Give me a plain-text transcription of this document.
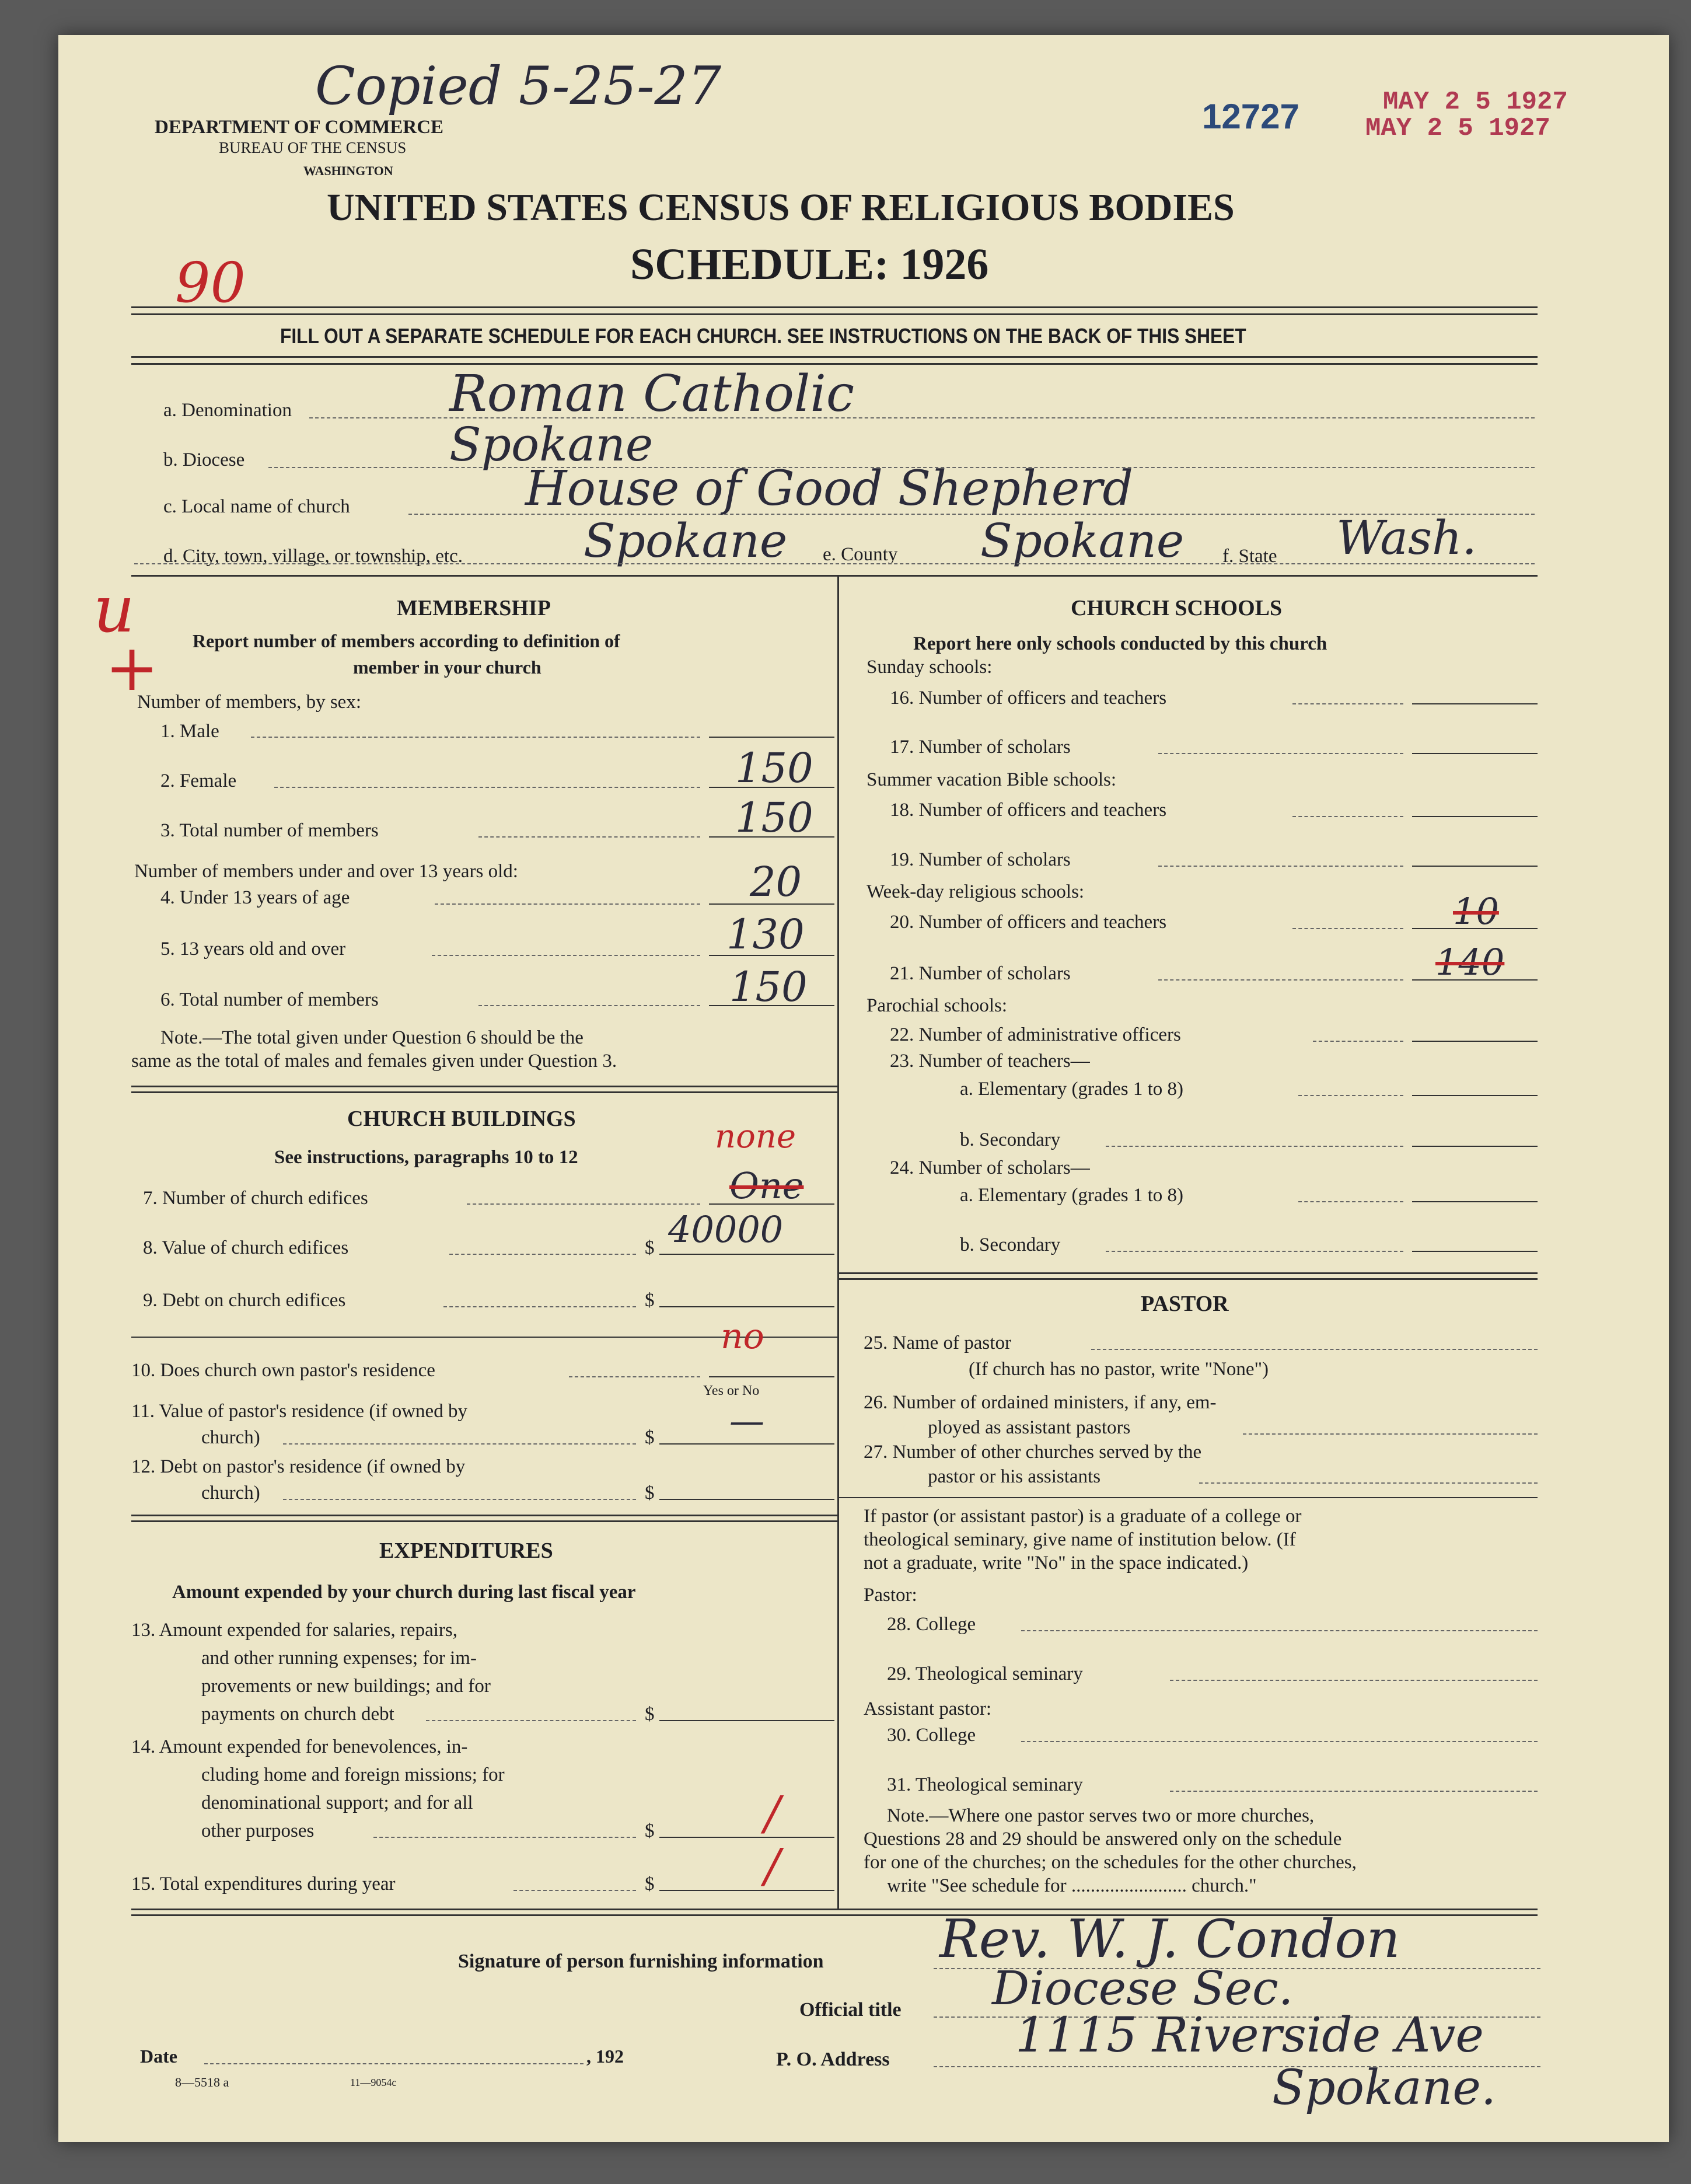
Copied 5-25-27	12727	MAY 2 5 1927
MAY 2 5 1927
90
u
+
DEPARTMENT OF COMMERCE
BUREAU OF THE CENSUS
WASHINGTON
UNITED STATES CENSUS OF RELIGIOUS BODIES
SCHEDULE: 1926
FILL OUT A SEPARATE SCHEDULE FOR EACH CHURCH. SEE INSTRUCTIONS ON THE BACK OF THIS SHEET
a. Denomination	Roman Catholic
b. Diocese	Spokane
c. Local name of church	House of Good Shepherd
d. City, town, village, or township, etc.	Spokane e. County Spokane f. State Wash.
MEMBERSHIP
Report number of members according to definition of
member in your church
Number of members, by sex:
1. Male
2. Female	150
3. Total number of members	150
Number of members under and over 13 years old:
4. Under 13 years of age	20
5. 13 years old and over	130
6. Total number of members	150
Note.—The total given under Question 6 should be the
same as the total of males and females given under Question 3.
CHURCH BUILDINGS
See instructions, paragraphs 10 to 12
none
7. Number of church edifices	One
8. Value of church edifices	$ 40000
9. Debt on church edifices	$
10. Does church own pastor's residence
no
Yes or No
11. Value of pastor's residence (if owned by
church)	$ —
12. Debt on pastor's residence (if owned by
church)	$
EXPENDITURES
Amount expended by your church during last fiscal year
13. Amount expended for salaries, repairs,
and other running expenses; for im-
provements or new buildings; and for
payments on church debt	$
14. Amount expended for benevolences, in-
cluding home and foreign missions; for
denominational support; and for all
other purposes	$ /
15. Total expenditures during year	$ /
CHURCH SCHOOLS
Report here only schools conducted by this church
Sunday schools:
16. Number of officers and teachers
17. Number of scholars
Summer vacation Bible schools:
18. Number of officers and teachers
19. Number of scholars
Week-day religious schools:
20. Number of officers and teachers	10
21. Number of scholars	140
Parochial schools:
22. Number of administrative officers
23. Number of teachers—
a. Elementary (grades 1 to 8)
b. Secondary
24. Number of scholars—
a. Elementary (grades 1 to 8)
b. Secondary
PASTOR
25. Name of pastor
(If church has no pastor, write "None")
26. Number of ordained ministers, if any, em-
ployed as assistant pastors
27. Number of other churches served by the
pastor or his assistants
If pastor (or assistant pastor) is a graduate of a college or
theological seminary, give name of institution below. (If
not a graduate, write "No" in the space indicated.)
Pastor:
28. College
29. Theological seminary
Assistant pastor:
30. College
31. Theological seminary
Note.—Where one pastor serves two or more churches,
Questions 28 and 29 should be answered only on the schedule
for one of the churches; on the schedules for the other churches,
write "See schedule for ........................ church."
Signature of person furnishing information Rev. W. J. Condon
Official title Diocese Sec.
Date	, 192	P. O. Address	1115 Riverside Ave
Spokane.
8—5518 a	11—9054c
